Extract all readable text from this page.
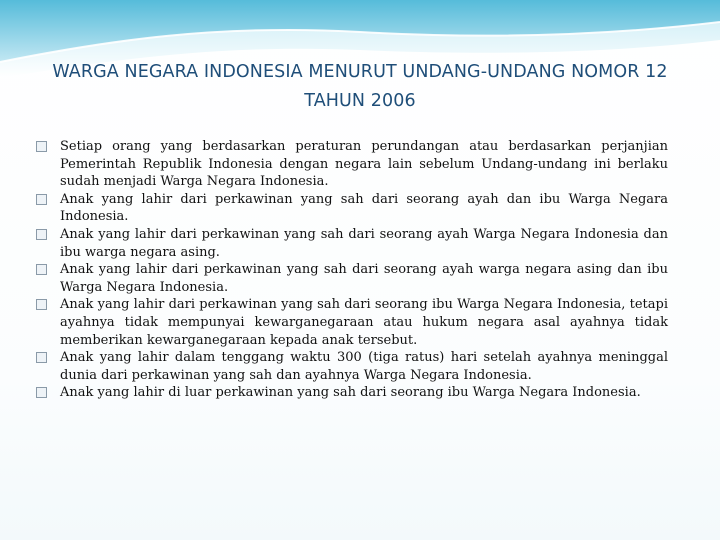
WARGA NEGARA INDONESIA MENURUT UNDANG-UNDANG NOMOR 12 TAHUN 2006
Setiap orang yang berdasarkan peraturan perundangan atau berdasarkan perjanjian Pemerintah Republik Indonesia dengan negara lain sebelum Undang-undang ini berlaku sudah menjadi Warga Negara Indonesia.
Anak yang lahir dari perkawinan yang sah dari seorang ayah dan ibu Warga Negara Indonesia.
Anak yang lahir dari perkawinan yang sah dari seorang ayah Warga Negara Indonesia dan ibu warga negara asing.
Anak yang lahir dari perkawinan yang sah dari seorang ayah warga negara asing dan ibu Warga Negara Indonesia.
Anak yang lahir dari perkawinan yang sah dari seorang ibu Warga Negara Indonesia, tetapi ayahnya tidak mempunyai kewarganegaraan atau hukum negara asal ayahnya tidak memberikan kewarganegaraan kepada anak tersebut.
Anak yang lahir dalam tenggang waktu 300 (tiga ratus) hari setelah ayahnya meninggal dunia dari perkawinan yang sah dan ayahnya Warga Negara Indonesia.
Anak yang lahir di luar perkawinan yang sah dari seorang ibu Warga Negara Indonesia.
